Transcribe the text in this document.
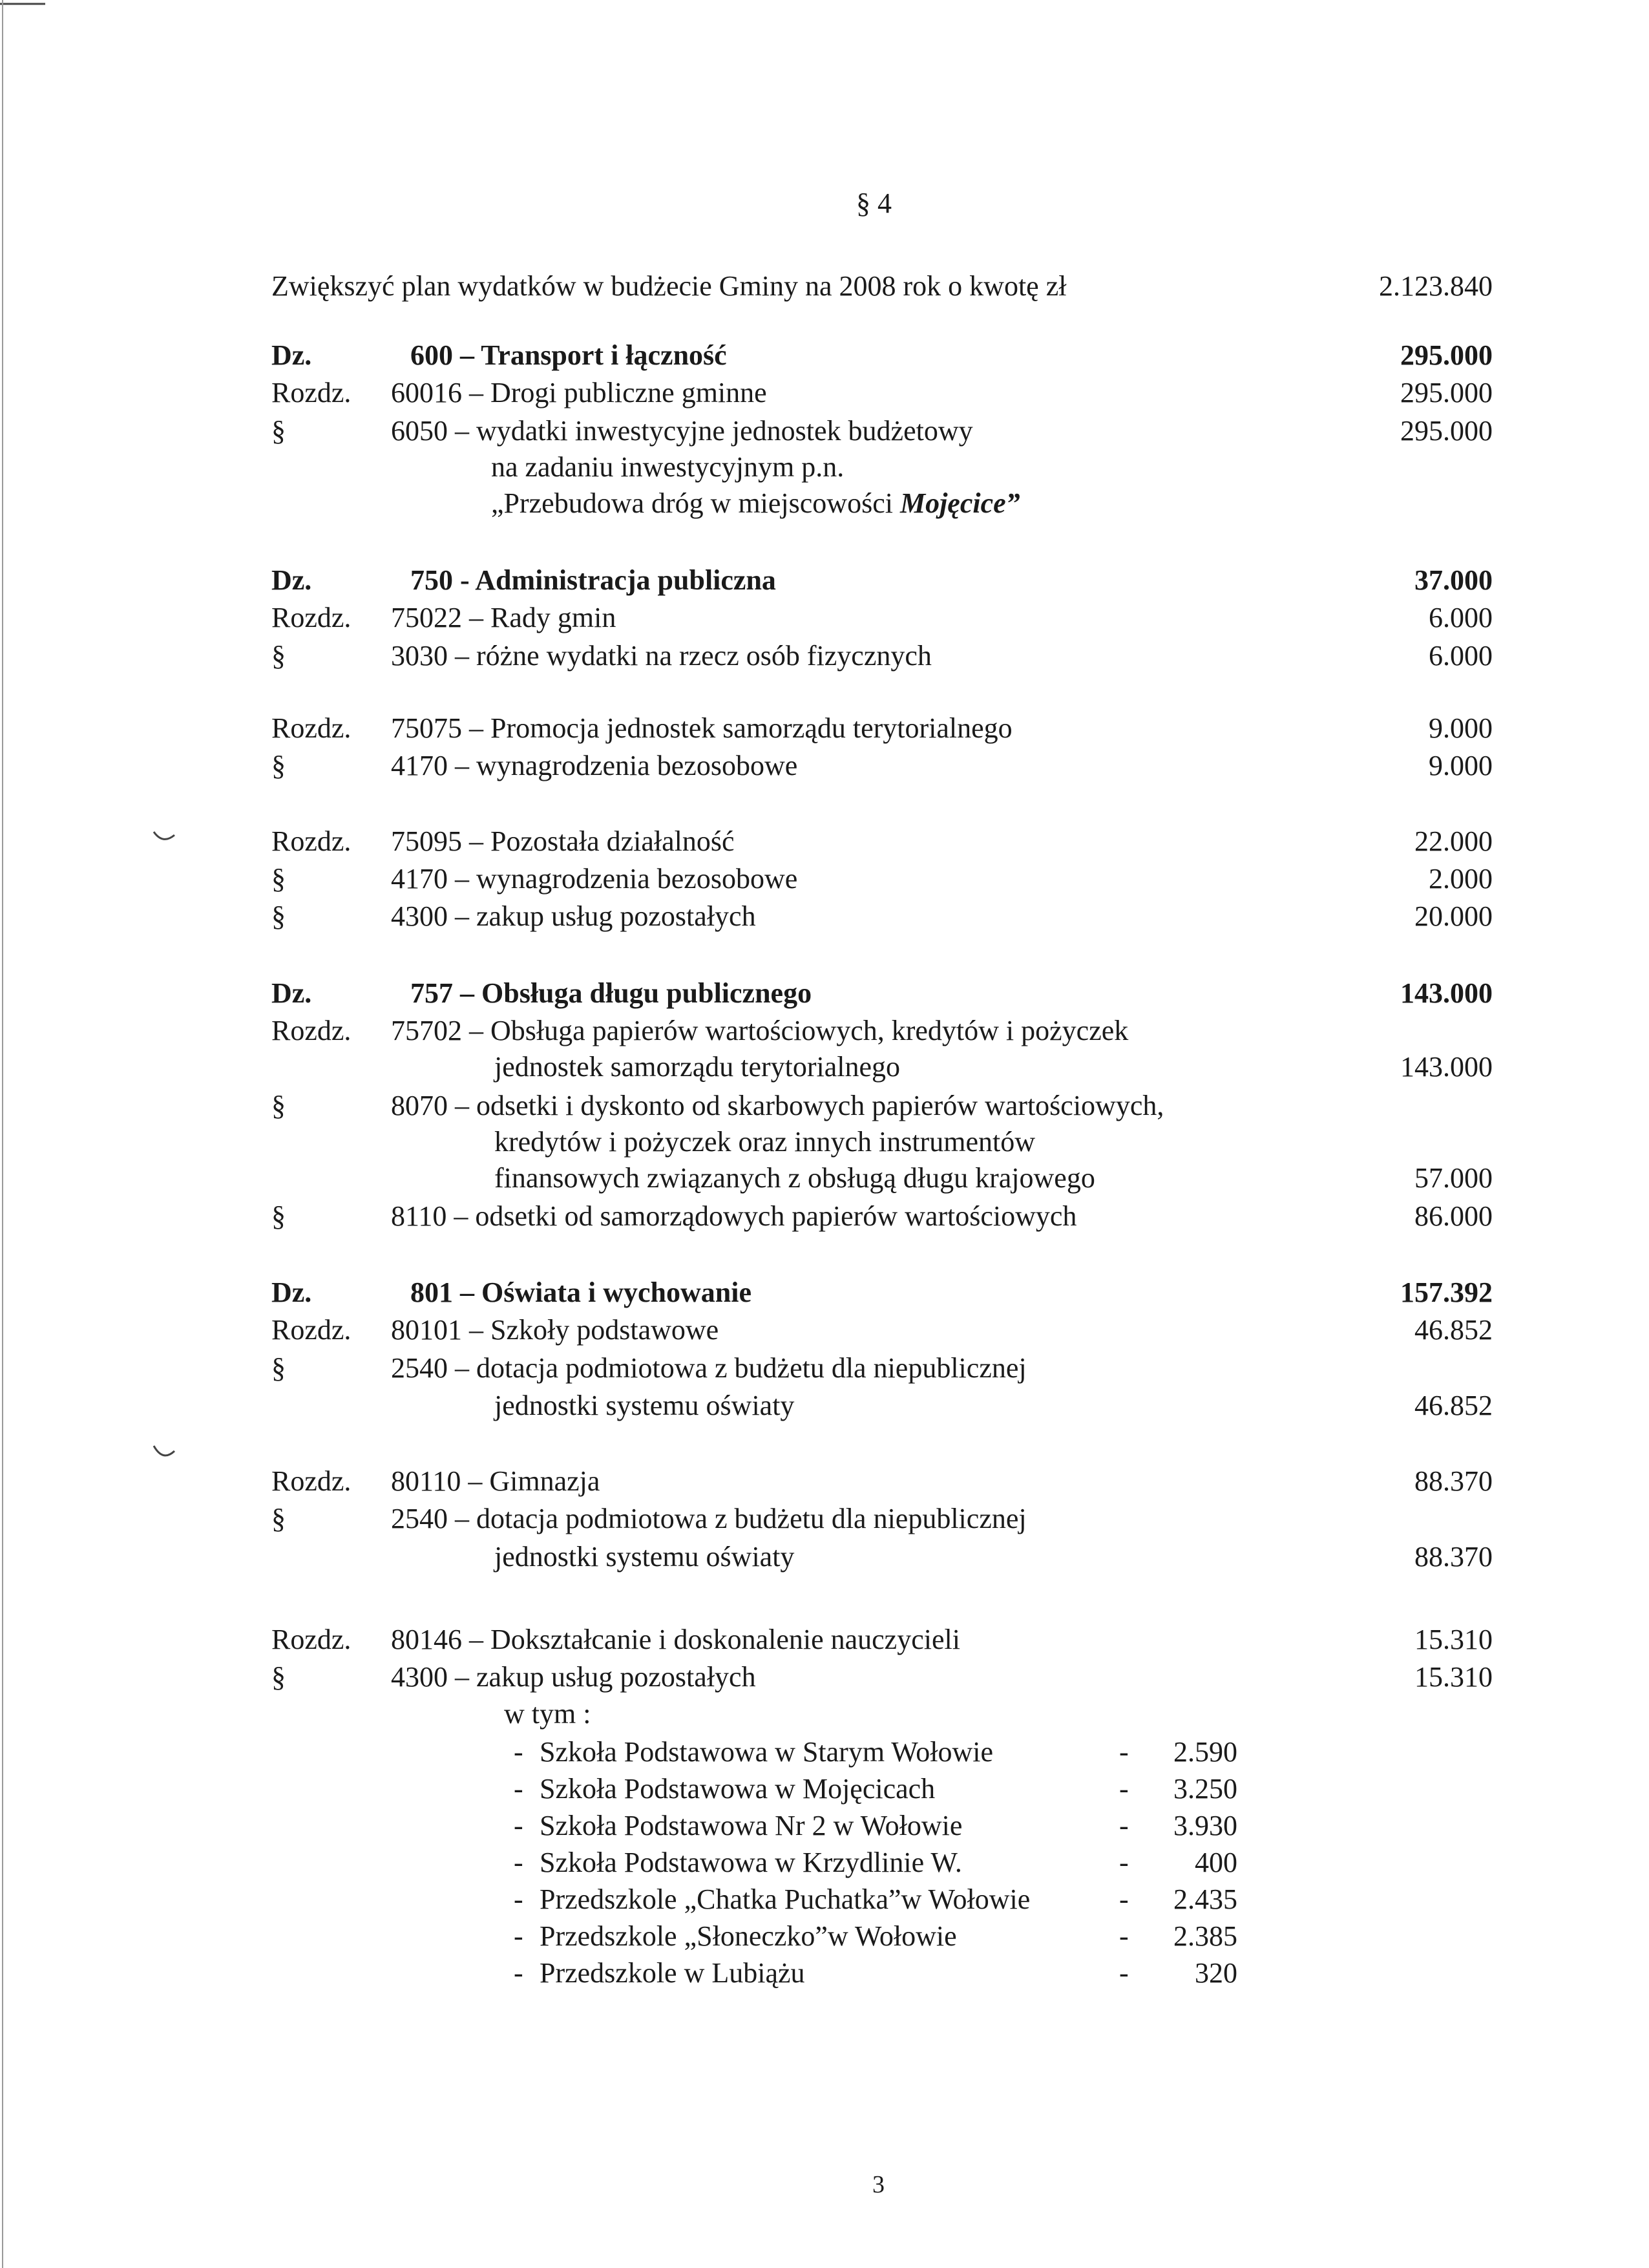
§ 4
Zwiększyć plan wydatków w budżecie Gminy na 2008 rok o kwotę zł	2.123.840
Dz.	600 – Transport i łączność	295.000
Rozdz. 60016 – Drogi publiczne gminne	295.000
§	6050 – wydatki inwestycyjne jednostek budżetowy	295.000
na zadaniu inwestycyjnym p.n.
„Przebudowa dróg w miejscowości Mojęcice”
Dz.	750 - Administracja publiczna	37.000
Rozdz. 75022 – Rady gmin	6.000
§	3030 – różne wydatki na rzecz osób fizycznych	6.000
Rozdz. 75075 – Promocja jednostek samorządu terytorialnego	9.000
§	4170 – wynagrodzenia bezosobowe	9.000
Rozdz. 75095 – Pozostała działalność	22.000
§	4170 – wynagrodzenia bezosobowe	2.000
§	4300 – zakup usług pozostałych	20.000
Dz.	757 – Obsługa długu publicznego	143.000
Rozdz. 75702 – Obsługa papierów wartościowych, kredytów i pożyczek
jednostek samorządu terytorialnego	143.000
§	8070 – odsetki i dyskonto od skarbowych papierów wartościowych,
kredytów i pożyczek oraz innych instrumentów
finansowych związanych z obsługą długu krajowego	57.000
§	8110 – odsetki od samorządowych papierów wartościowych	86.000
Dz.	801 – Oświata i wychowanie	157.392
Rozdz. 80101 – Szkoły podstawowe	46.852
§	2540 – dotacja podmiotowa z budżetu dla niepublicznej
jednostki systemu oświaty	46.852
Rozdz. 80110 – Gimnazja	88.370
§	2540 – dotacja podmiotowa z budżetu dla niepublicznej
jednostki systemu oświaty	88.370
Rozdz. 80146 – Dokształcanie i doskonalenie nauczycieli	15.310
§	4300 – zakup usług pozostałych	15.310
w tym :
- Szkoła Podstawowa w Starym Wołowie	-	2.590
- Szkoła Podstawowa w Mojęcicach	-	3.250
- Szkoła Podstawowa Nr 2 w Wołowie	-	3.930
- Szkoła Podstawowa w Krzydlinie W.	-	400
- Przedszkole „Chatka Puchatka”w Wołowie	-	2.435
- Przedszkole „Słoneczko”w Wołowie	-	2.385
- Przedszkole w Lubiążu	-	320
3
